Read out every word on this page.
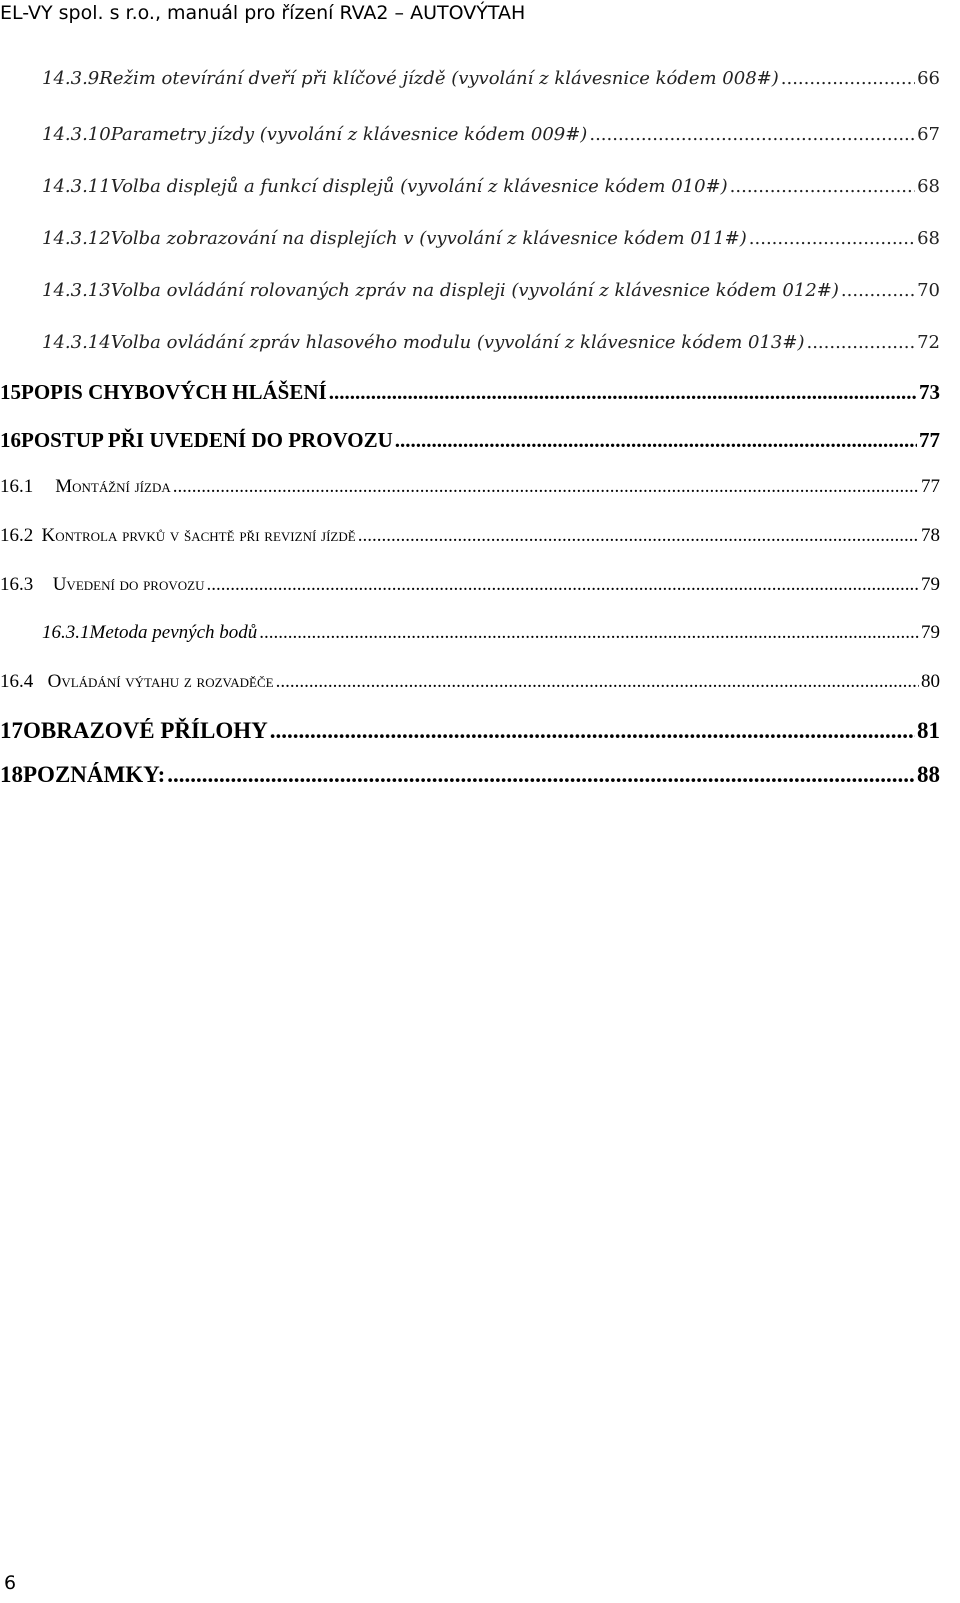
EL-VY spol. s r.o., manuál pro řízení RVA2 – AUTOVÝTAH
14.3.9 Režim otevírání dveří při klíčové jízdě (vyvolání z klávesnice kódem 008#) .....	66
14.3.10 Parametry jízdy (vyvolání z klávesnice kódem 009#) .....	67
14.3.11 Volba displejů a funkcí displejů (vyvolání z klávesnice kódem 010#) .....	68
14.3.12 Volba zobrazování na displejích v (vyvolání z klávesnice kódem 011#) .....	68
14.3.13 Volba ovládání rolovaných zpráv na displeji (vyvolání z klávesnice kódem 012#) .....	70
14.3.14 Volba ovládání zpráv hlasového modulu (vyvolání z klávesnice kódem 013#) .....	72
15 POPIS CHYBOVÝCH HLÁŠENÍ .....	73
16 POSTUP PŘI UVEDENÍ DO PROVOZU .....	77
16.1	Montážní jízda .....	77
16.2 Kontrola prvků v šachtě při revizní jízdě .....	78
16.3	Uvedení do provozu .....	79
16.3.1 Metoda pevných bodů .....	79
16.4 Ovládání výtahu z rozvaděče .....	80
17 OBRAZOVÉ PŘÍLOHY .....	81
18 POZNÁMKY: .....	88
6
